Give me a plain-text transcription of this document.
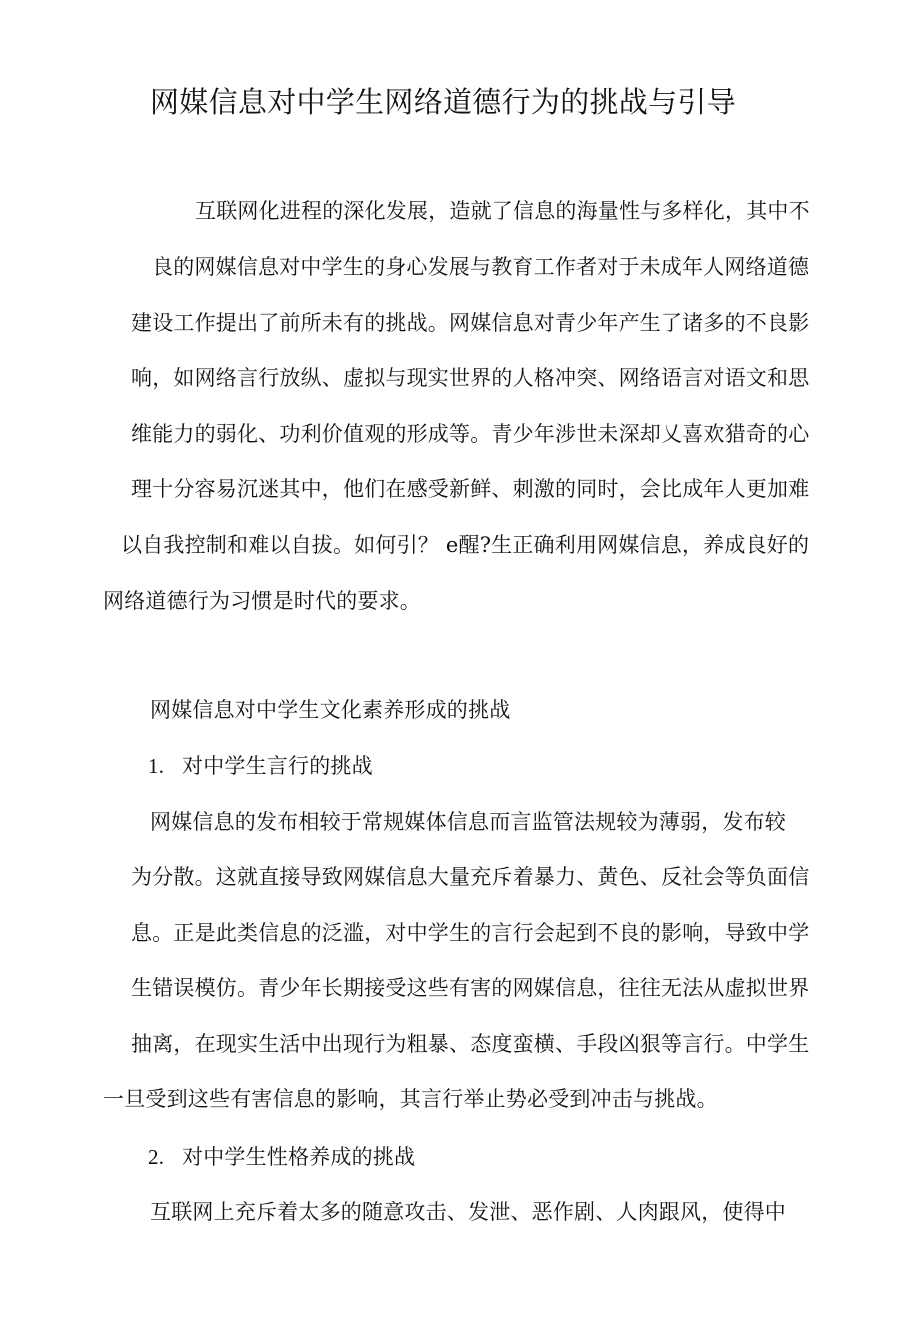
网媒信息对中学生网络道德行为的挑战与引导
互联网化进程的深化发展，造就了信息的海量性与多样化，其中不
良的网媒信息对中学生的身心发展与教育工作者对于未成年人网络道德
建设工作提出了前所未有的挑战。网媒信息对青少年产生了诸多的不良影
响，如网络言行放纵、虚拟与现实世界的人格冲突、网络语言对语文和思
维能力的弱化、功利价值观的形成等。青少年涉世未深却乂喜欢猎奇的心
理十分容易沉迷其中，他们在感受新鲜、刺激的同时，会比成年人更加难
以自我控制和难以自拔。如何引？ e醒?生正确利用网媒信息，养成良好的
网络道德行为习惯是时代的要求。
网媒信息对中学生文化素养形成的挑战
1. 对中学生言行的挑战
网媒信息的发布相较于常规媒体信息而言监管法规较为薄弱，发布较
为分散。这就直接导致网媒信息大量充斥着暴力、黄色、反社会等负面信
息。正是此类信息的泛滥，对中学生的言行会起到不良的影响，导致中学
生错误模仿。青少年长期接受这些有害的网媒信息，往往无法从虚拟世界
抽离，在现实生活中出现行为粗暴、态度蛮横、手段凶狠等言行。中学生
一旦受到这些有害信息的影响，其言行举止势必受到冲击与挑战。
2. 对中学生性格养成的挑战
互联网上充斥着太多的随意攻击、发泄、恶作剧、人肉跟风，使得中
